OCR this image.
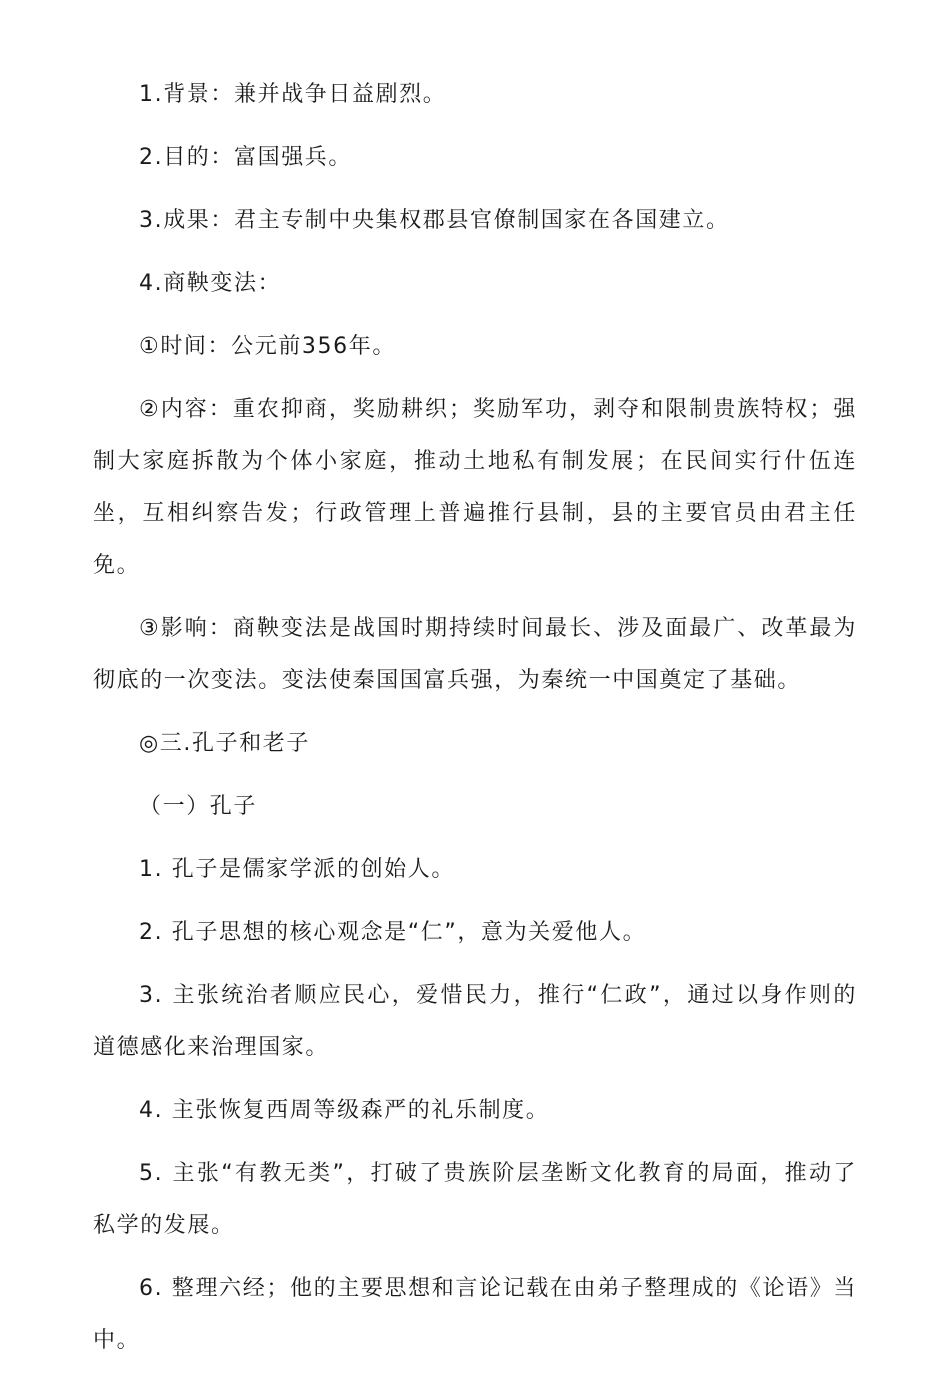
1.背景：兼并战争日益剧烈。

2.目的：富国强兵。

3.成果：君主专制中央集权郡县官僚制国家在各国建立。

4.商鞅变法：

①时间：公元前356年。

②内容：重农抑商，奖励耕织；奖励军功，剥夺和限制贵族特权；强制大家庭拆散为个体小家庭，推动土地私有制发展；在民间实行什伍连坐，互相纠察告发；行政管理上普遍推行县制，县的主要官员由君主任免。

③影响：商鞅变法是战国时期持续时间最长、涉及面最广、改革最为彻底的一次变法。变法使秦国国富兵强，为秦统一中国奠定了基础。

◎三.孔子和老子

（一）孔子

1. 孔子是儒家学派的创始人。

2. 孔子思想的核心观念是“仁”，意为关爱他人。

3. 主张统治者顺应民心，爱惜民力，推行“仁政”，通过以身作则的道德感化来治理国家。

4. 主张恢复西周等级森严的礼乐制度。

5. 主张“有教无类”，打破了贵族阶层垄断文化教育的局面，推动了私学的发展。

6. 整理六经；他的主要思想和言论记载在由弟子整理成的《论语》当中。
